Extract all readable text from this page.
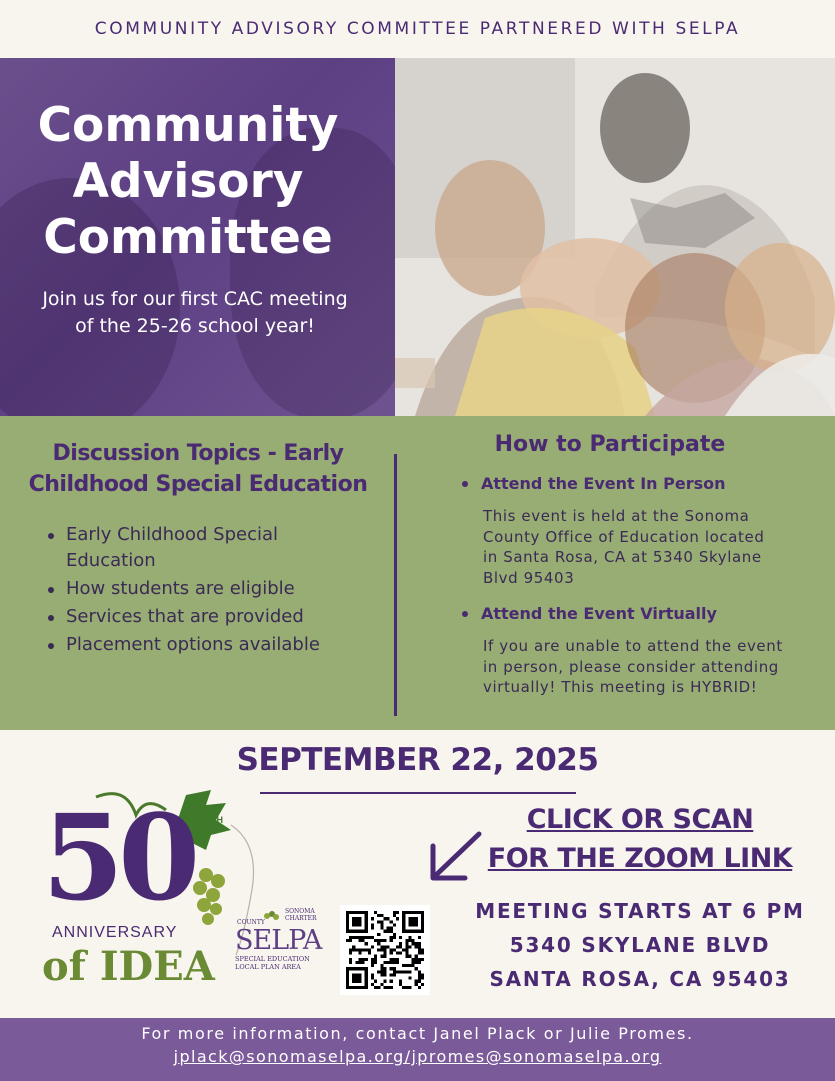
COMMUNITY ADVISORY COMMITTEE PARTNERED WITH SELPA
Community
Advisory
Committee
Join us for our first CAC meeting of the 25-26 school year!
Discussion Topics - Early Childhood Special Education
Early Childhood Special Education
How students are eligible
Services that are provided
Placement options available
How to Participate
Attend the Event In Person
This event is held at the Sonoma County Office of Education located in Santa Rosa, CA at 5340 Skylane Blvd 95403
Attend the Event Virtually
If you are unable to attend the event in person, please consider attending virtually! This meeting is HYBRID!
SEPTEMBER 22, 2025
50 TH
ANNIVERSARY
of IDEA
SONOMA
CHARTER
COUNTY
SELPA
SPECIAL EDUCATION
LOCAL PLAN AREA
CLICK OR SCAN
FOR THE ZOOM LINK
MEETING STARTS AT 6 PM
5340 SKYLANE BLVD
SANTA ROSA, CA 95403
For more information, contact Janel Plack or Julie Promes.
jplack@sonomaselpa.org/jpromes@sonomaselpa.org
